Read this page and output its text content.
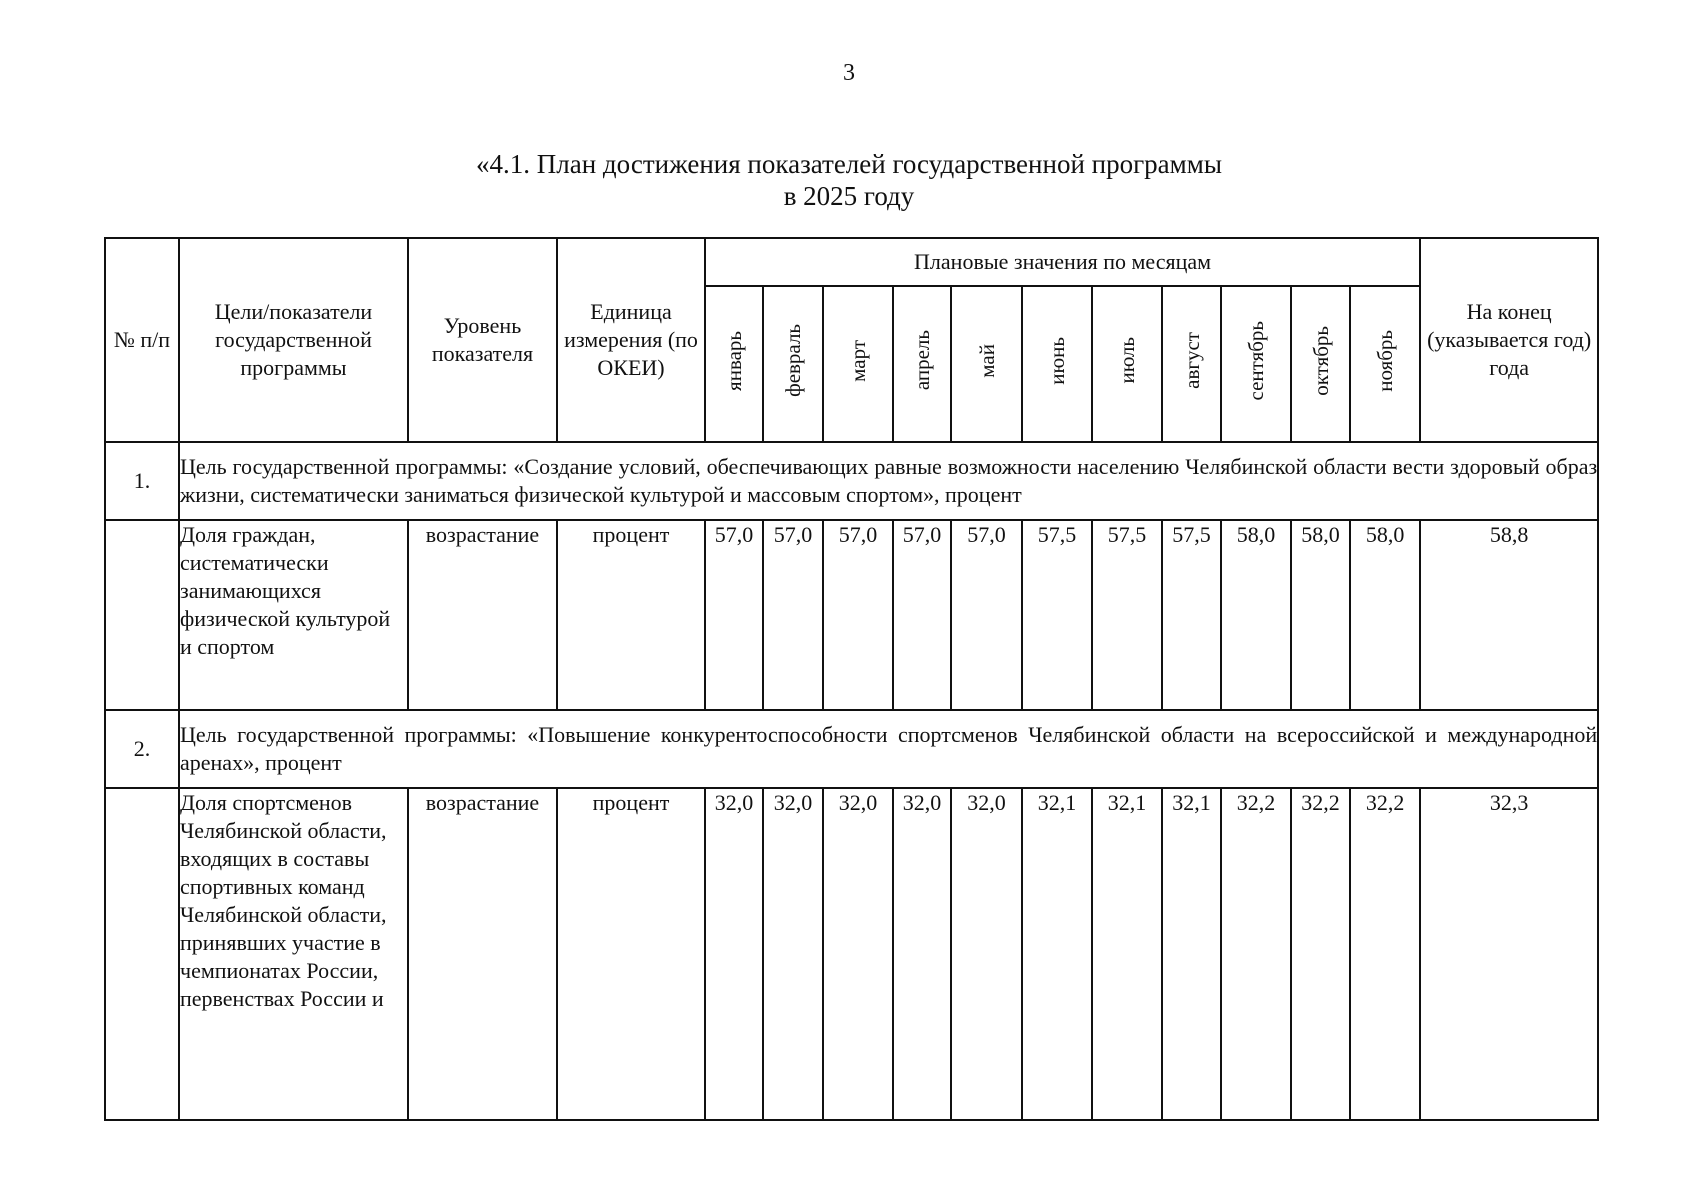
3
«4.1. План достижения показателей государственной программы
в 2025 году
№ п/п	Цели/показатели государственной программы	Уровень показателя	Единица измерения (по ОКЕИ)	Плановые значения по месяцам											На конец (указывается год) года
				январь	февраль	март	апрель	май	июнь	июль	август	сентябрь	октябрь	ноябрь	
1.	Цель государственной программы: «Создание условий, обеспечивающих равные возможности населению Челябинской области вести здоровый образ жизни, систематически заниматься физической культурой и массовым спортом», процент														
	Доля граждан, систематически занимающихся физической культурой и спортом	возрастание	процент	57,0	57,0	57,0	57,0	57,0	57,5	57,5	57,5	58,0	58,0	58,0	58,8
2.	Цель государственной программы: «Повышение конкурентоспособности спортсменов Челябинской области на всероссийской и международной аренах», процент														
	Доля спортсменов Челябинской области, входящих в составы спортивных команд Челябинской области, принявших участие в чемпионатах России, первенствах России и	возрастание	процент	32,0	32,0	32,0	32,0	32,0	32,1	32,1	32,1	32,2	32,2	32,2	32,3
